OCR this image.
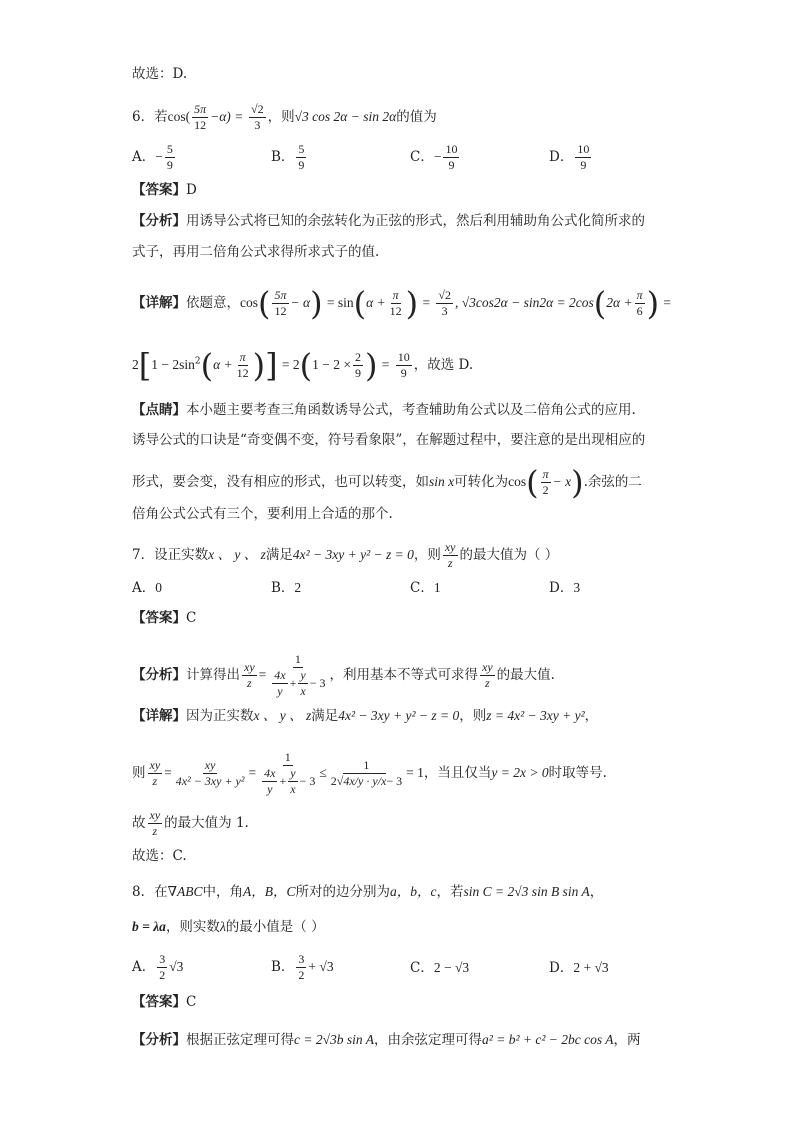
故选：D.
6．若$\cos( \frac{5\pi}{12} -\alpha) = \frac{√2}{3}$ ，则√3 cos 2α − sin 2α的值为
A．− $\frac{5}{9}$	B． $\frac{5}{9}$	C．− $\frac{10}{9}$	D． $\frac{10}{9}$
【答案】D
【分析】用诱导公式将已知的余弦转化为正弦的形式，然后利用辅助角公式化简所求的
式子，再用二倍角公式求得所求式子的值.
【详解】依题意，$\cos( \frac{5\pi}{12} - \alpha) = \sin(\alpha + \frac{\pi}{12}$ ) = $\frac{√2}{3}$ , $√3\cos 2\alpha - \sin 2\alpha = 2\cos(2\alpha + \frac{\pi}{6}$ ) =
$2[1 - 2\sin^2(\alpha + \frac{\pi}{12}$ )] = $2(1 - 2 \times \frac{2}{9}$ ) = $\frac{10}{9}$ ，故选 D.
【点睛】本小题主要考查三角函数诱导公式，考查辅助角公式以及二倍角公式的应用.
诱导公式的口诀是“奇变偶不变，符号看象限”，在解题过程中，要注意的是出现相应的
形式，要会变，没有相应的形式，也可以转变，如sin x可转化为$\cos( \frac{\pi}{2} - x)$.余弦的二
倍角公式公式有三个，要利用上合适的那个.
7．设正实数x 、 y 、 z满足4x² − 3xy + y² − z = 0，则 $\frac{xy}{z}$ 的最大值为（ ）
A．0	B．2	C．1	D．3
【答案】C
【分析】计算得出 $\frac{xy}{z} = \frac{1}{\frac{4x}{y} + \frac{y}{x} - 3}$ ，利用基本不等式可求得 $\frac{xy}{z}$ 的最大值.
【详解】因为正实数x 、 y 、 z满足4x² − 3xy + y² − z = 0，则z = 4x² − 3xy + y²，
则 $\frac{xy}{z} = \frac{xy}{\text{4x² − 3xy + y²}} = \frac{1}{\frac{4x}{y} + \frac{y}{x} - 3} \le \frac{1}{2√4x/y \cdot y/x- 3} = 1$，当且仅当y = 2x > 0时取等号.
故 $\frac{xy}{z}$ 的最大值为 1.
故选：C.
8．在∇ABC中，角A，B，C所对的边分别为a，b，c，若sin C = 2√3 sin B sin A，
b = λa，则实数λ的最小值是（ ）
A． $\frac{3}{2} √3$	B． $\frac{3}{2} + √3$	C．2 − √3	D．2 + √3
【答案】C
【分析】根据正弦定理可得c = 2√3b sin A，由余弦定理可得a² = b² + c² − 2bc cos A，两
